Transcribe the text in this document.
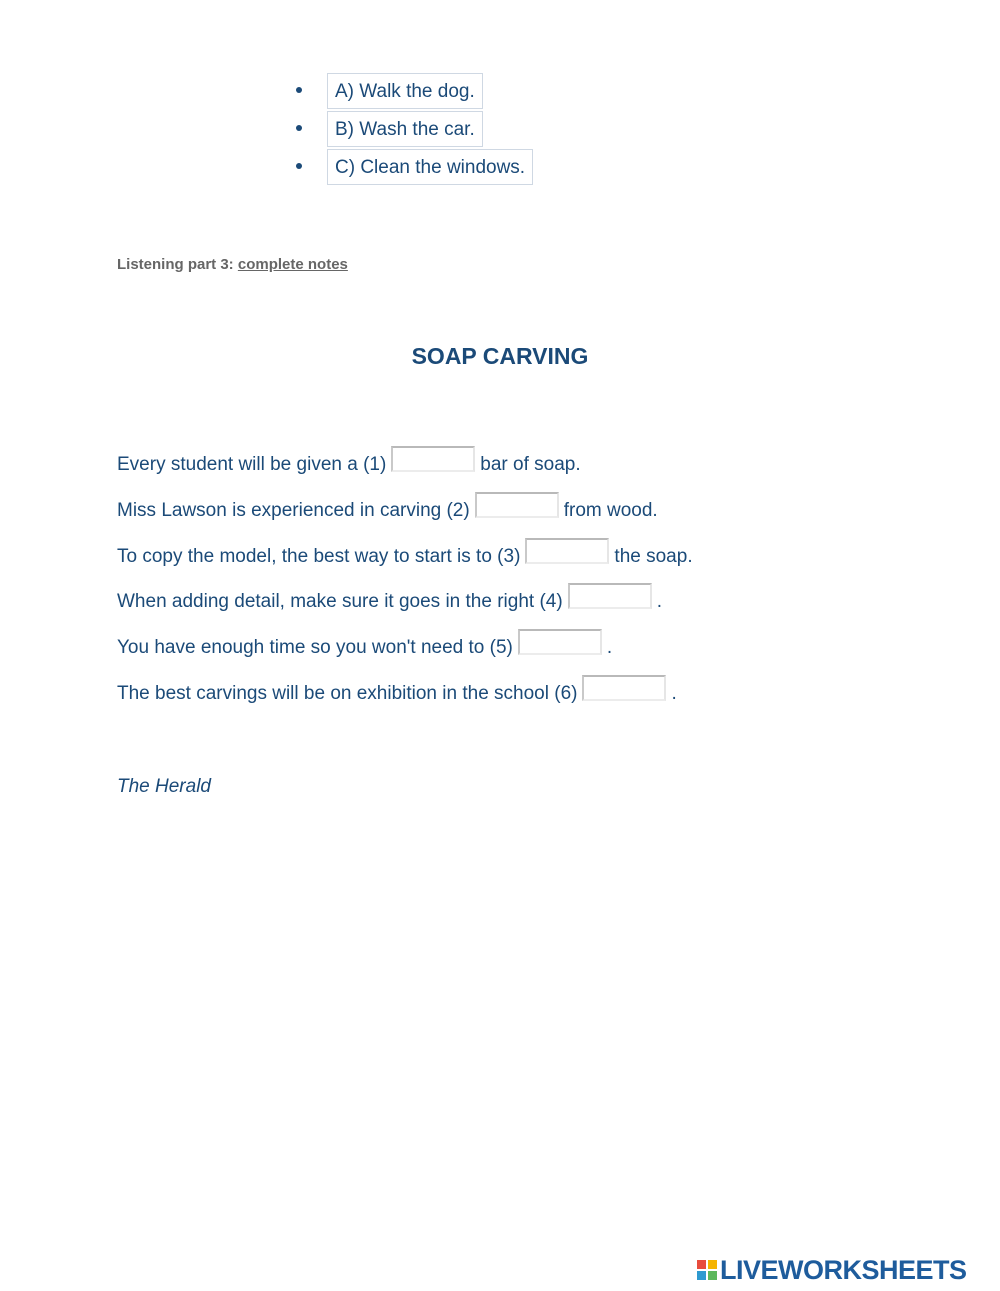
A) Walk the dog.
B) Wash the car.
C) Clean the windows.
Listening part 3: complete notes
SOAP CARVING
Every student will be given a (1)	bar of soap.
Miss Lawson is experienced in carving (2)	from wood.
To copy the model, the best way to start is to (3)	the soap.
When adding detail, make sure it goes in the right (4)	.
You have enough time so you won't need to (5)	.
The best carvings will be on exhibition in the school (6)	.
The Herald
LIVEWORKSHEETS
